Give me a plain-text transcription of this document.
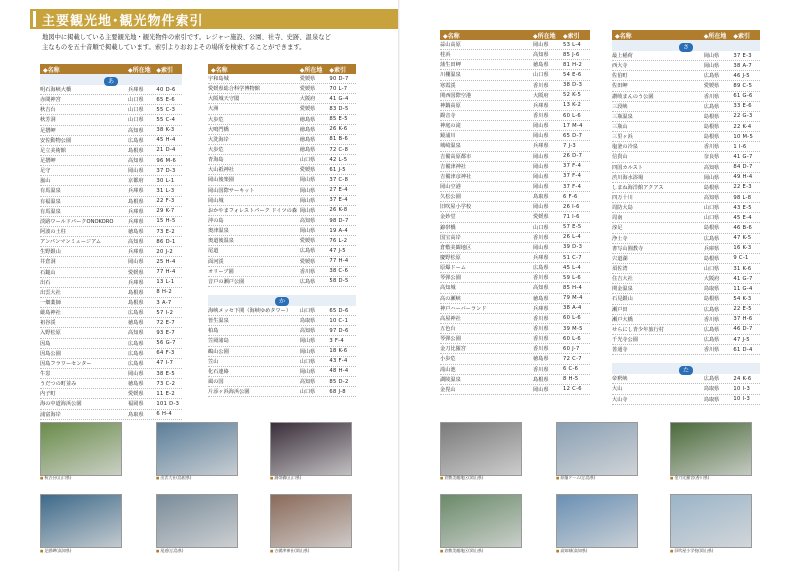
主要観光地･観光物件索引
地図中に掲載している主要観光地・観光物件の索引です。レジャー施設、公園、社寺、史跡、温泉など
主なものを五十音順で掲載しています。索引よりおおよその場所を検索することができます。
◆名称	◆所在地 ◆索引
あ
明石海峡大橋	兵庫県	40 D-6
赤間神宮	山口県	65 E-6
秋吉台	山口県	55 C-3
秋芳洞	山口県	55 C-4
足摺岬	高知県	38 K-3
安佐動物公園	広島県	45 H-4
足立美術館	島根県	21 D-4
足摺岬	高知県	96 M-6
足守	岡山県	37 D-3
嵐山	京都府	30 L-1
有馬温泉	兵庫県	31 L-3
有福温泉	島根県	22 F-3
有馬温泉	兵庫県	29 K-7
淡路ワールドパークONOKORO	兵庫県	15 H-5
阿波の土柱	徳島県	73 E-2
アンパンマンミュージアム	高知県	86 D-1
生野銀山	兵庫県	20 J-2
井倉洞	岡山県	25 H-4
石鎚山	愛媛県	77 H-4
出石	兵庫県	13 L-1
出雲大社	島根県	8 H-2
一畑薬師	島根県	3 A-7
厳島神社	広島県	57 I-2
祖谷渓	徳島県	72 E-7
入野松原	高知県	93 E-7
因島	広島県	56 G-7
因島公園	広島県	64 F-3
因島フラワーセンター	広島県	47 I-7
牛窓	岡山県	38 E-5
うだつの町並み	徳島県	73 C-2
内子町	愛媛県	11 E-2
海の中道海浜公園	福岡県	101 D-3
浦富海岸	鳥取県	6 H-4
◆名称	◆所在地	◆索引
宇和島城	愛媛県	90 D-7
愛媛県総合科学博物館	愛媛県	70 L-7
大阪城天守閣	大阪府	41 G-4
大洲	愛媛県	83 D-5
大歩危	徳島県	85 E-5
大鳴門橋	徳島県	26 K-6
大洗海岸	徳島県	81 B-6
大歩危	徳島県	72 C-8
青海島	山口県	42 L-5
大山祇神社	愛媛県	61 J-5
岡山後楽園	岡山県	37 C-8
岡山国際サーキット	岡山県	27 E-4
岡山城	岡山県	37 E-4
おかやまフォレストパーク ドイツの森 岡山県	26 K-8
沖の島	高知県	98 D-7
奥津温泉	岡山県	19 A-4
奥道後温泉	愛媛県	76 L-2
尾道	広島県	47 J-5
面河渓	愛媛県	77 H-4
オリーブ園	香川県	38 C-6
音戸の瀬戸公園	広島県	58 D-5
か
海峡メッセ下関（海峡ゆめタワー）	山口県	65 D-6
皆生温泉	鳥取県	10 C-1
柏島	高知県	97 D-6
笠岡諸島	岡山県	3 F-4
鶴山公園	岡山県	18 K-6
笠山	山口県	43 F-4
化石連絡	岡山県	48 H-4
風の国	高知県	85 D-2
片添ヶ浜海浜公園	山口県	68 J-8
■ 秋吉台(山口県)	■ 出雲大社(島根県)	■ 錦帯橋(山口県)
■ 足摺岬(高知県)	■ 尾道(広島県)	■ 吉備津神社(岡山県)
◆名称	◆所在地	◆索引
蒜山高原	岡山県	53 L-4
桂浜	高知県	85 J-6
蒲生田岬	徳島県	81 H-2
川棚温泉	山口県	54 E-6
寒霞渓	香川県	38 D-3
関西国際空港	大阪府	52 K-5
神鍋高原	兵庫県	13 K-2
観音寺	香川県	60 L-6
神庭の滝	岡山県	17 M-4
鏡浦川	岡山県	65 D-7
城崎温泉	兵庫県	7 J-3
吉備高原都市	岡山県	26 D-7
吉備津神社	岡山県	37 F-4
吉備津彦神社	岡山県	37 F-4
岡山空港	岡山県	37 F-4
久松公園	鳥取県	6 F-6
旧吹屋小学校	岡山県	26 I-6
金妙堂	愛媛県	71 I-6
錦帯橋	山口県	57 E-5
国宝高岸	香川県	26 L-4
倉敷美観地区	岡山県	39 D-3
慶野松原	兵庫県	51 C-7
原爆ドーム	広島県	45 L-4
琴弾公園	香川県	59 L-6
高知城	高知県	85 H-4
高の瀬峡	徳島県	79 M-4
神戸ハーバーランド	兵庫県	38 A-4
高屋神社	香川県	60 L-6
五色台	香川県	39 M-5
琴弾公園	香川県	60 L-6
金刀比羅宮	香川県	60 J-7
小歩危	徳島県	72 C-7
滝山池	香川県	6 C-6
湖陵温泉	島根県	8 H-5
金毘山	岡山県	12 C-6
◆名称	◆所在地	◆索引
さ
最上稲荷	岡山県	37 E-3
西大寺	岡山県	38 A-7
佐伯町	広島県	46 J-5
佐田岬	愛媛県	89 C-5
讃岐まんのう公園	香川県	61 G-6
三段峡	広島県	33 E-6
三瓶温泉	島根県	22 G-3
三瓶山	島根県	22 K-4
三里ヶ浜	島根県	10 M-5
塩釜の冷泉	香川県	1 I-6
信貴山	奈良県	41 G-7
四国カルスト	高知県	84 D-7
渋川海水浴場	岡山県	49 H-4
しまね海洋館アクアス	島根県	22 E-3
四万十川	高知県	98 L-8
周防大島	山口県	43 E-5
周南	山口県	45 E-4
淳足	島根県	46 B-6
浄土寺	広島県	47 K-5
書写山圓教寺	兵庫県	16 K-3
宍道湖	島根県	9 C-1
須佐湾	山口県	31 K-6
住吉大社	大阪府	41 G-7
関金温泉	鳥取県	11 G-4
石見銀山	島根県	54 K-3
瀬戸田	広島県	22 E-5
瀬戸大橋	香川県	37 H-6
せらにし青少年旅行村	広島県	46 D-7
千光寺公園	広島県	47 J-5
善通寺	香川県	61 D-4
た
帝釈峡	広島県	24 K-6
大山	鳥取県	10 I-3
大山寺	鳥取県	10 I-3
■ 倉敷美観地区(岡山県)	■ 原爆ドーム(広島県)	■ 金刀比羅宮(香川県)
■ 倉敷美観地区(岡山県)	■ 高知城(高知県)	■ 旧吹屋小学校(岡山県)
